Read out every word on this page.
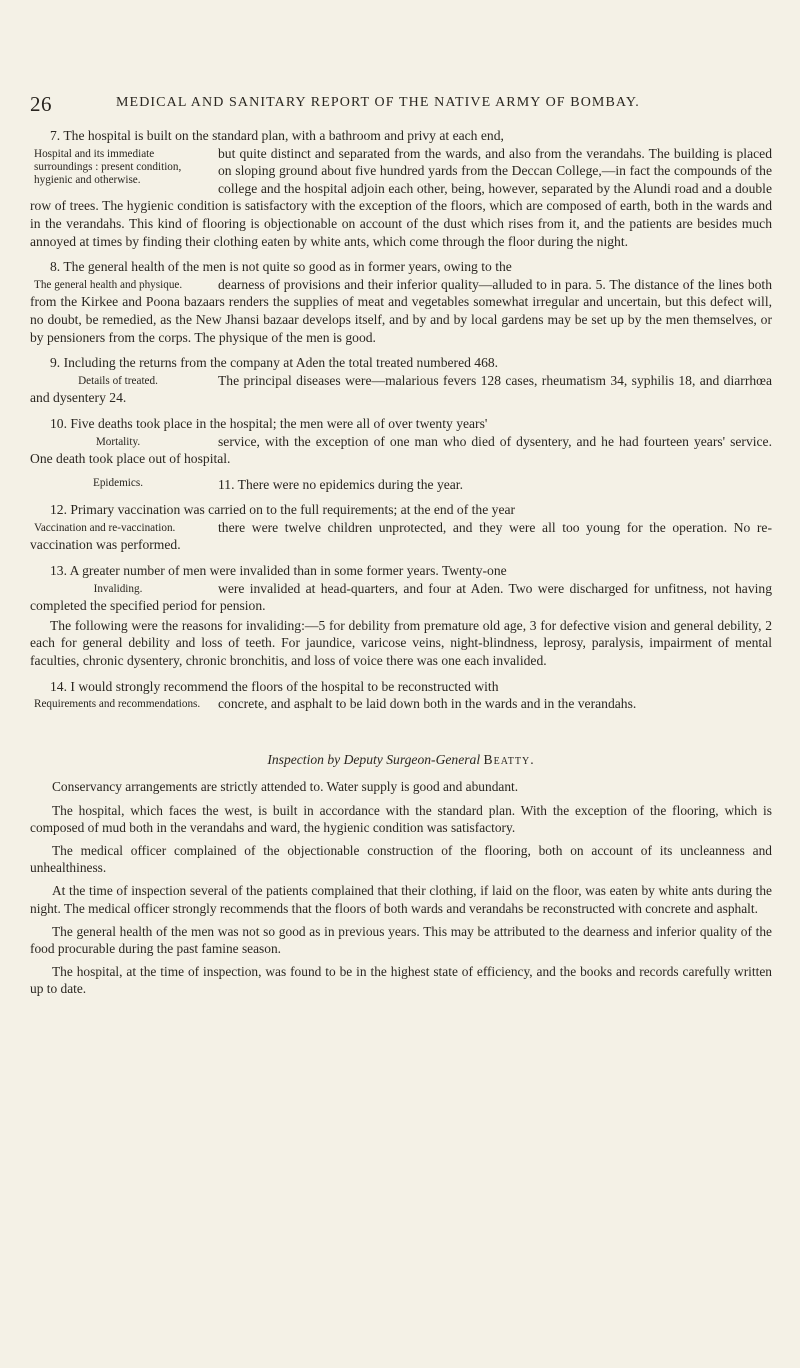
26	MEDICAL AND SANITARY REPORT OF THE NATIVE ARMY OF BOMBAY.
7. The hospital is built on the standard plan, with a bathroom and privy at each end,
Hospital and its immediate surroundings : present condition, hygienic and otherwise.
but quite distinct and separated from the wards, and also from the verandahs. The building is placed on sloping ground about five hundred yards from the Deccan College,—in fact the compounds of the college and the hospital adjoin each other, being, however, separated by the Alundi road and a double row of trees. The hygienic condition is satisfactory with the exception of the floors, which are composed of earth, both in the wards and in the verandahs. This kind of flooring is objectionable on account of the dust which rises from it, and the patients are besides much annoyed at times by finding their clothing eaten by white ants, which come through the floor during the night.
8. The general health of the men is not quite so good as in former years, owing to the
The general health and physique.	dearness of provisions and their inferior quality—alluded to in para. 5. The distance of the lines both from the Kirkee and Poona bazaars renders the supplies of meat and vegetables somewhat irregular and uncertain, but this defect will, no doubt, be remedied, as the New Jhansi bazaar develops itself, and by and by local gardens may be set up by the men themselves, or by pensioners from the corps. The physique of the men is good.
9. Including the returns from the company at Aden the total treated numbered 468.
Details of treated.	The principal diseases were—malarious fevers 128 cases, rheumatism 34, syphilis 18, and diarrhœa and dysentery 24.
10. Five deaths took place in the hospital; the men were all of over twenty years'
Mortality.	service, with the exception of one man who died of dysentery, and he had fourteen years' service. One death took place out of hospital.
Epidemics.	11. There were no epidemics during the year.
12. Primary vaccination was carried on to the full requirements; at the end of the year
Vaccination and re-vaccination.	there were twelve children unprotected, and they were all too young for the operation. No re-vaccination was performed.
13. A greater number of men were invalided than in some former years. Twenty-one
Invaliding.	were invalided at head-quarters, and four at Aden. Two were discharged for unfitness, not having completed the specified period for pension.
The following were the reasons for invaliding:—5 for debility from premature old age, 3 for defective vision and general debility, 2 each for general debility and loss of teeth. For jaundice, varicose veins, night-blindness, leprosy, paralysis, impairment of mental faculties, chronic dysentery, chronic bronchitis, and loss of voice there was one each invalided.
14. I would strongly recommend the floors of the hospital to be reconstructed with
Requirements and recommendations. concrete, and asphalt to be laid down both in the wards and in the verandahs.
Inspection by Deputy Surgeon-General Beatty.

Conservancy arrangements are strictly attended to. Water supply is good and abundant.

The hospital, which faces the west, is built in accordance with the standard plan. With the exception of the flooring, which is composed of mud both in the verandahs and ward, the hygienic condition was satisfactory.

The medical officer complained of the objectionable construction of the flooring, both on account of its uncleanness and unhealthiness.

At the time of inspection several of the patients complained that their clothing, if laid on the floor, was eaten by white ants during the night. The medical officer strongly recommends that the floors of both wards and verandahs be reconstructed with concrete and asphalt.

The general health of the men was not so good as in previous years. This may be attributed to the dearness and inferior quality of the food procurable during the past famine season.

The hospital, at the time of inspection, was found to be in the highest state of efficiency, and the books and records carefully written up to date.
